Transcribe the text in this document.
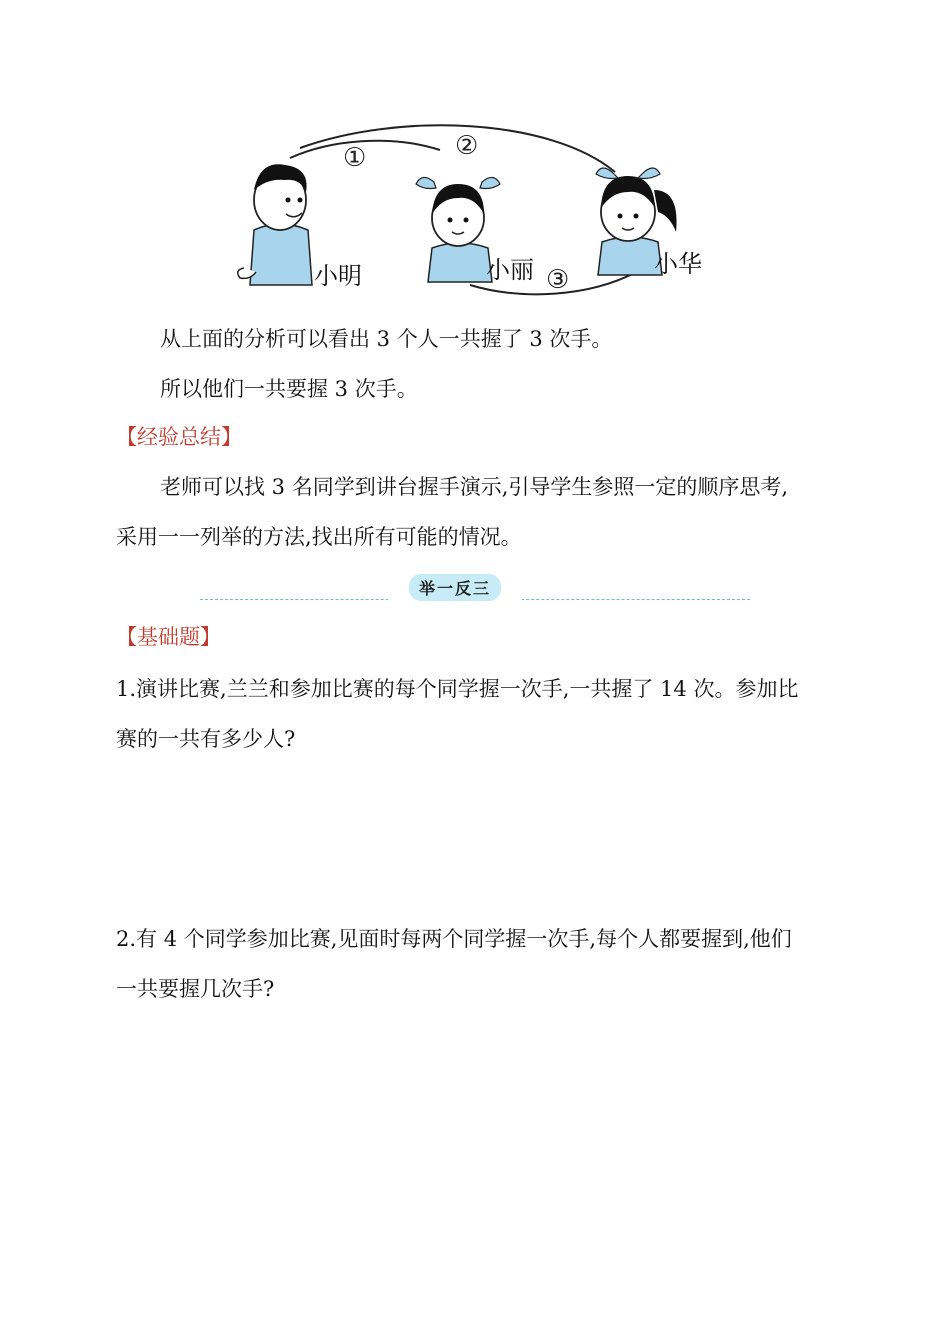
①	②
③
小明	小丽	小华
从上面的分析可以看出 3 个人一共握了 3 次手。
所以他们一共要握 3 次手。
【经验总结】
老师可以找 3 名同学到讲台握手演示,引导学生参照一定的顺序思考,
采用一一列举的方法,找出所有可能的情况。
举一反三
【基础题】
1.演讲比赛,兰兰和参加比赛的每个同学握一次手,一共握了 14 次。参加比
赛的一共有多少人?
2.有 4 个同学参加比赛,见面时每两个同学握一次手,每个人都要握到,他们
一共要握几次手?
